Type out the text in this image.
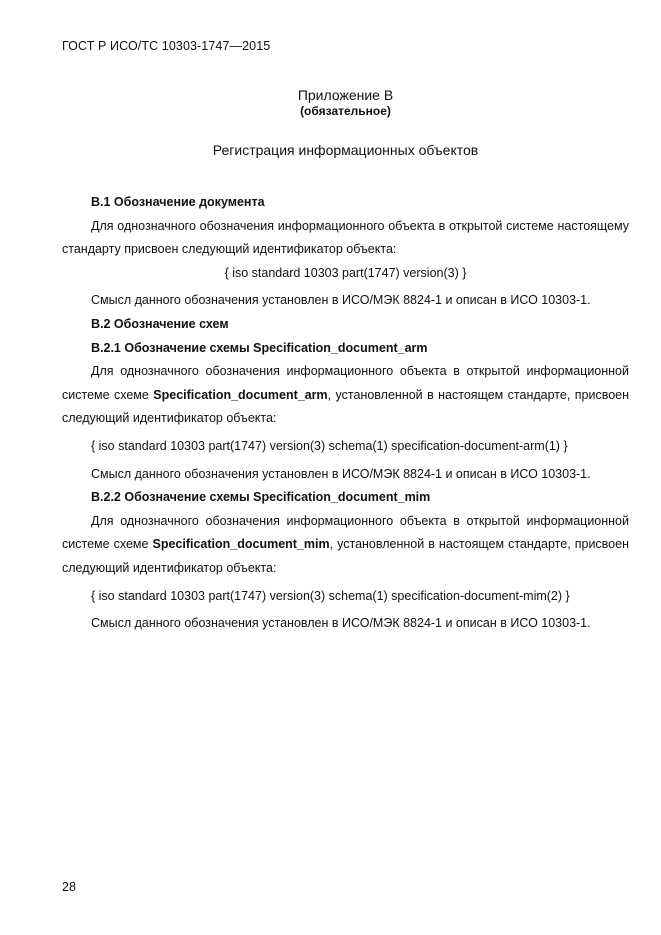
ГОСТ Р ИСО/ТС 10303-1747—2015
Приложение B
(обязательное)
Регистрация информационных объектов

B.1 Обозначение документа

Для однозначного обозначения информационного объекта в открытой системе настоящему стандарту присвоен следующий идентификатор объекта:

{ iso standard 10303 part(1747) version(3) }

Смысл данного обозначения установлен в ИСО/МЭК 8824-1 и описан в ИСО 10303-1.

B.2 Обозначение схем

B.2.1 Обозначение схемы Specification_document_arm

Для однозначного обозначения информационного объекта в открытой информационной системе схеме Specification_document_arm, установленной в настоящем стандарте, присвоен следующий идентификатор объекта:

{ iso standard 10303 part(1747) version(3) schema(1) specification-document-arm(1) }

Смысл данного обозначения установлен в ИСО/МЭК 8824-1 и описан в ИСО 10303-1.

B.2.2 Обозначение схемы Specification_document_mim

Для однозначного обозначения информационного объекта в открытой информационной системе схеме Specification_document_mim, установленной в настоящем стандарте, присвоен следующий идентификатор объекта:

{ iso standard 10303 part(1747) version(3) schema(1) specification-document-mim(2) }

Смысл данного обозначения установлен в ИСО/МЭК 8824-1 и описан в ИСО 10303-1.

28
